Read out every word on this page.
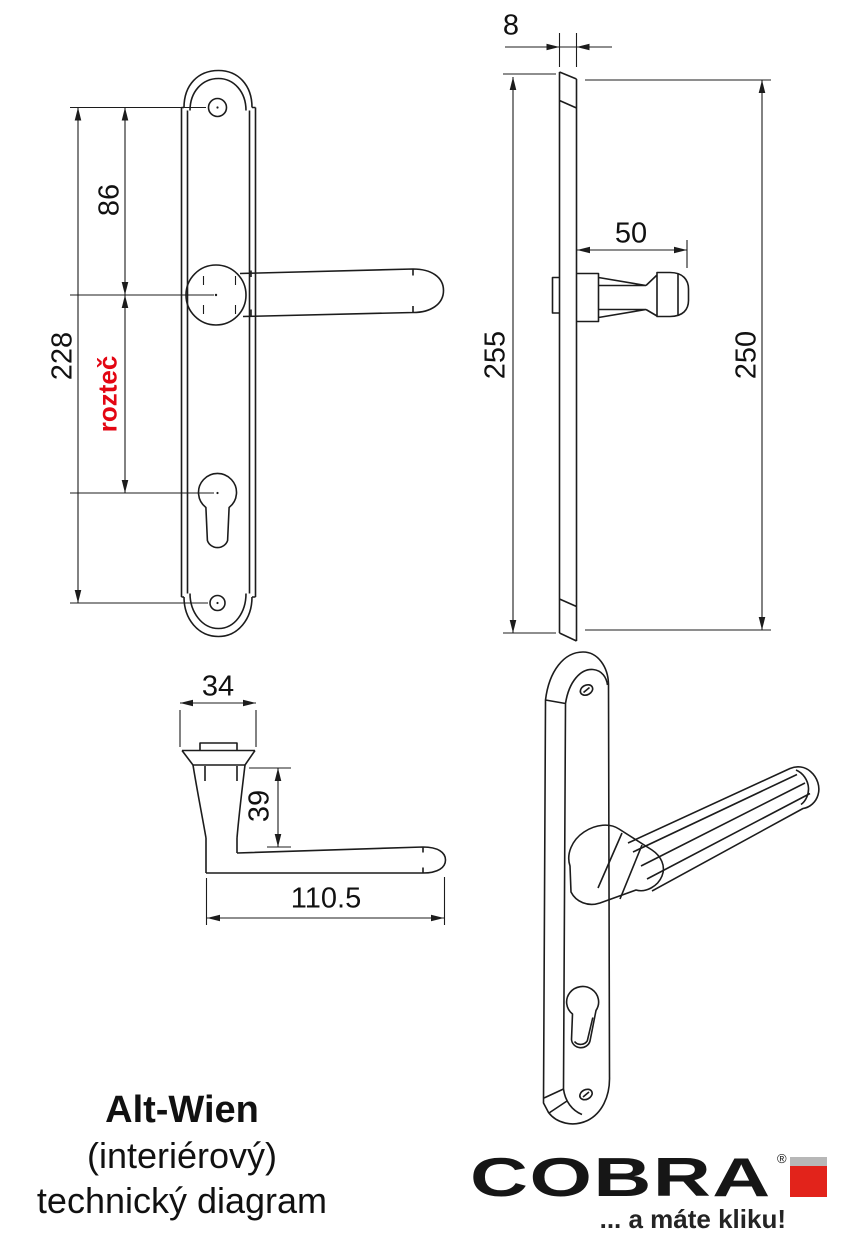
228
86
rozteč
8
255	250
50
34
39
110.5
Alt-Wien
(interiérový)
technický diagram	COBRA ®
... a máte kliku!
